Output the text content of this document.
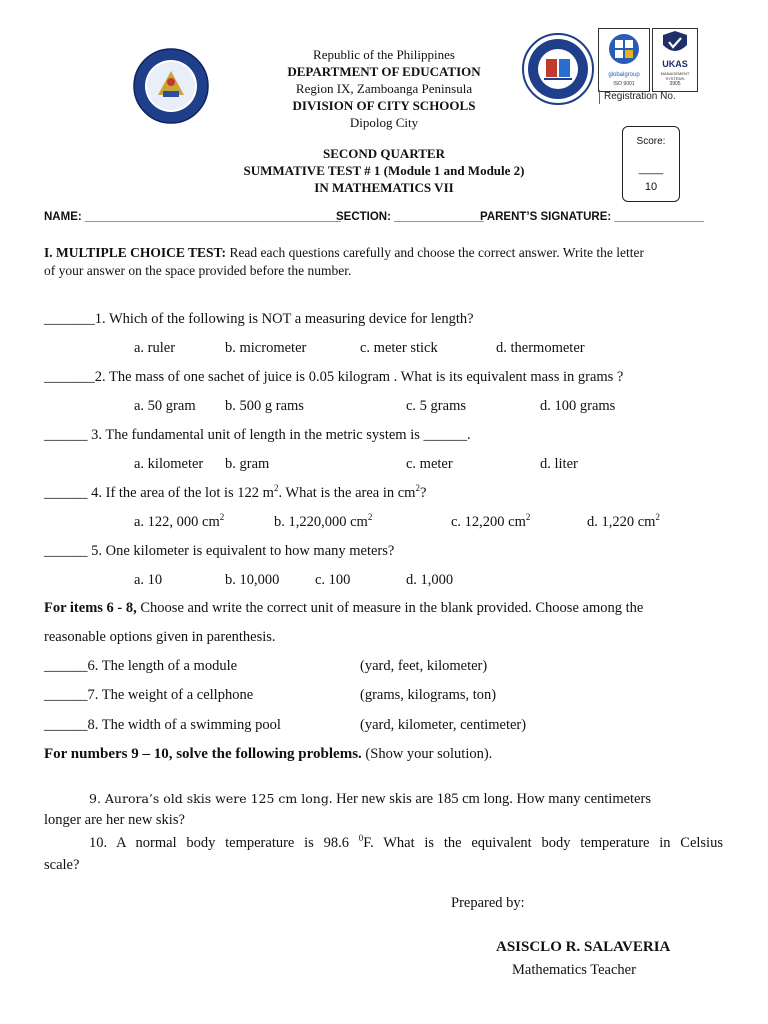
globalgroup
ISO 9001
UKAS
MANAGEMENT SYSTEMS
3905
Registration No.
Republic of the Philippines
DEPARTMENT OF EDUCATION
Region IX, Zamboanga Peninsula
DIVISION OF CITY SCHOOLS
Dipolog City
SECOND QUARTER
SUMMATIVE TEST # 1 (Module 1 and Module 2)
IN MATHEMATICS VII
Score:
____
10
NAME: ________________________________________
SECTION: ______________
PARENT’S SIGNATURE: ______________
I. MULTIPLE CHOICE TEST: Read each questions carefully and choose the correct answer. Write the letter
of your answer on the space provided before the number.
_______1. Which of the following is NOT a measuring device for length?
a. ruler	b. micrometer	c. meter stick	d. thermometer
_______2. The mass of one sachet of juice is 0.05 kilogram . What is its equivalent mass in grams ?
a. 50 gram b. 500 g rams	c. 5 grams	d. 100 grams
______ 3. The fundamental unit of length in the metric system is ______.
a. kilometer b. gram	c. meter	d. liter
______ 4. If the area of the lot is 122 $m^2$. What is the area in $cm^2$?
a. 122, 000 $cm^2$	b. 1,220,000 $cm^2$	c. 12,200 $cm^2$	d. 1,220 $cm^2$
______ 5. One kilometer is equivalent to how many meters?
a. 10	b. 10,000 c. 100	d. 1,000
For items 6 - 8, Choose and write the correct unit of measure in the blank provided. Choose among the
reasonable options given in parenthesis.
______6. The length of a module	(yard, feet, kilometer)
______7. The weight of a cellphone	(grams, kilograms, ton)
______8. The width of a swimming pool	(yard, kilometer, centimeter)
For numbers 9 – 10, solve the following problems. (Show your solution).
9. Aurora’s old skis were 125 cm long. Her new skis are 185 cm long. How many centimeters
longer are her new skis?
10. A normal body temperature is 98.6 $^0$F. What is the equivalent body temperature in Celsius
scale?
Prepared by:
ASISCLO R. SALAVERIA
Mathematics Teacher
